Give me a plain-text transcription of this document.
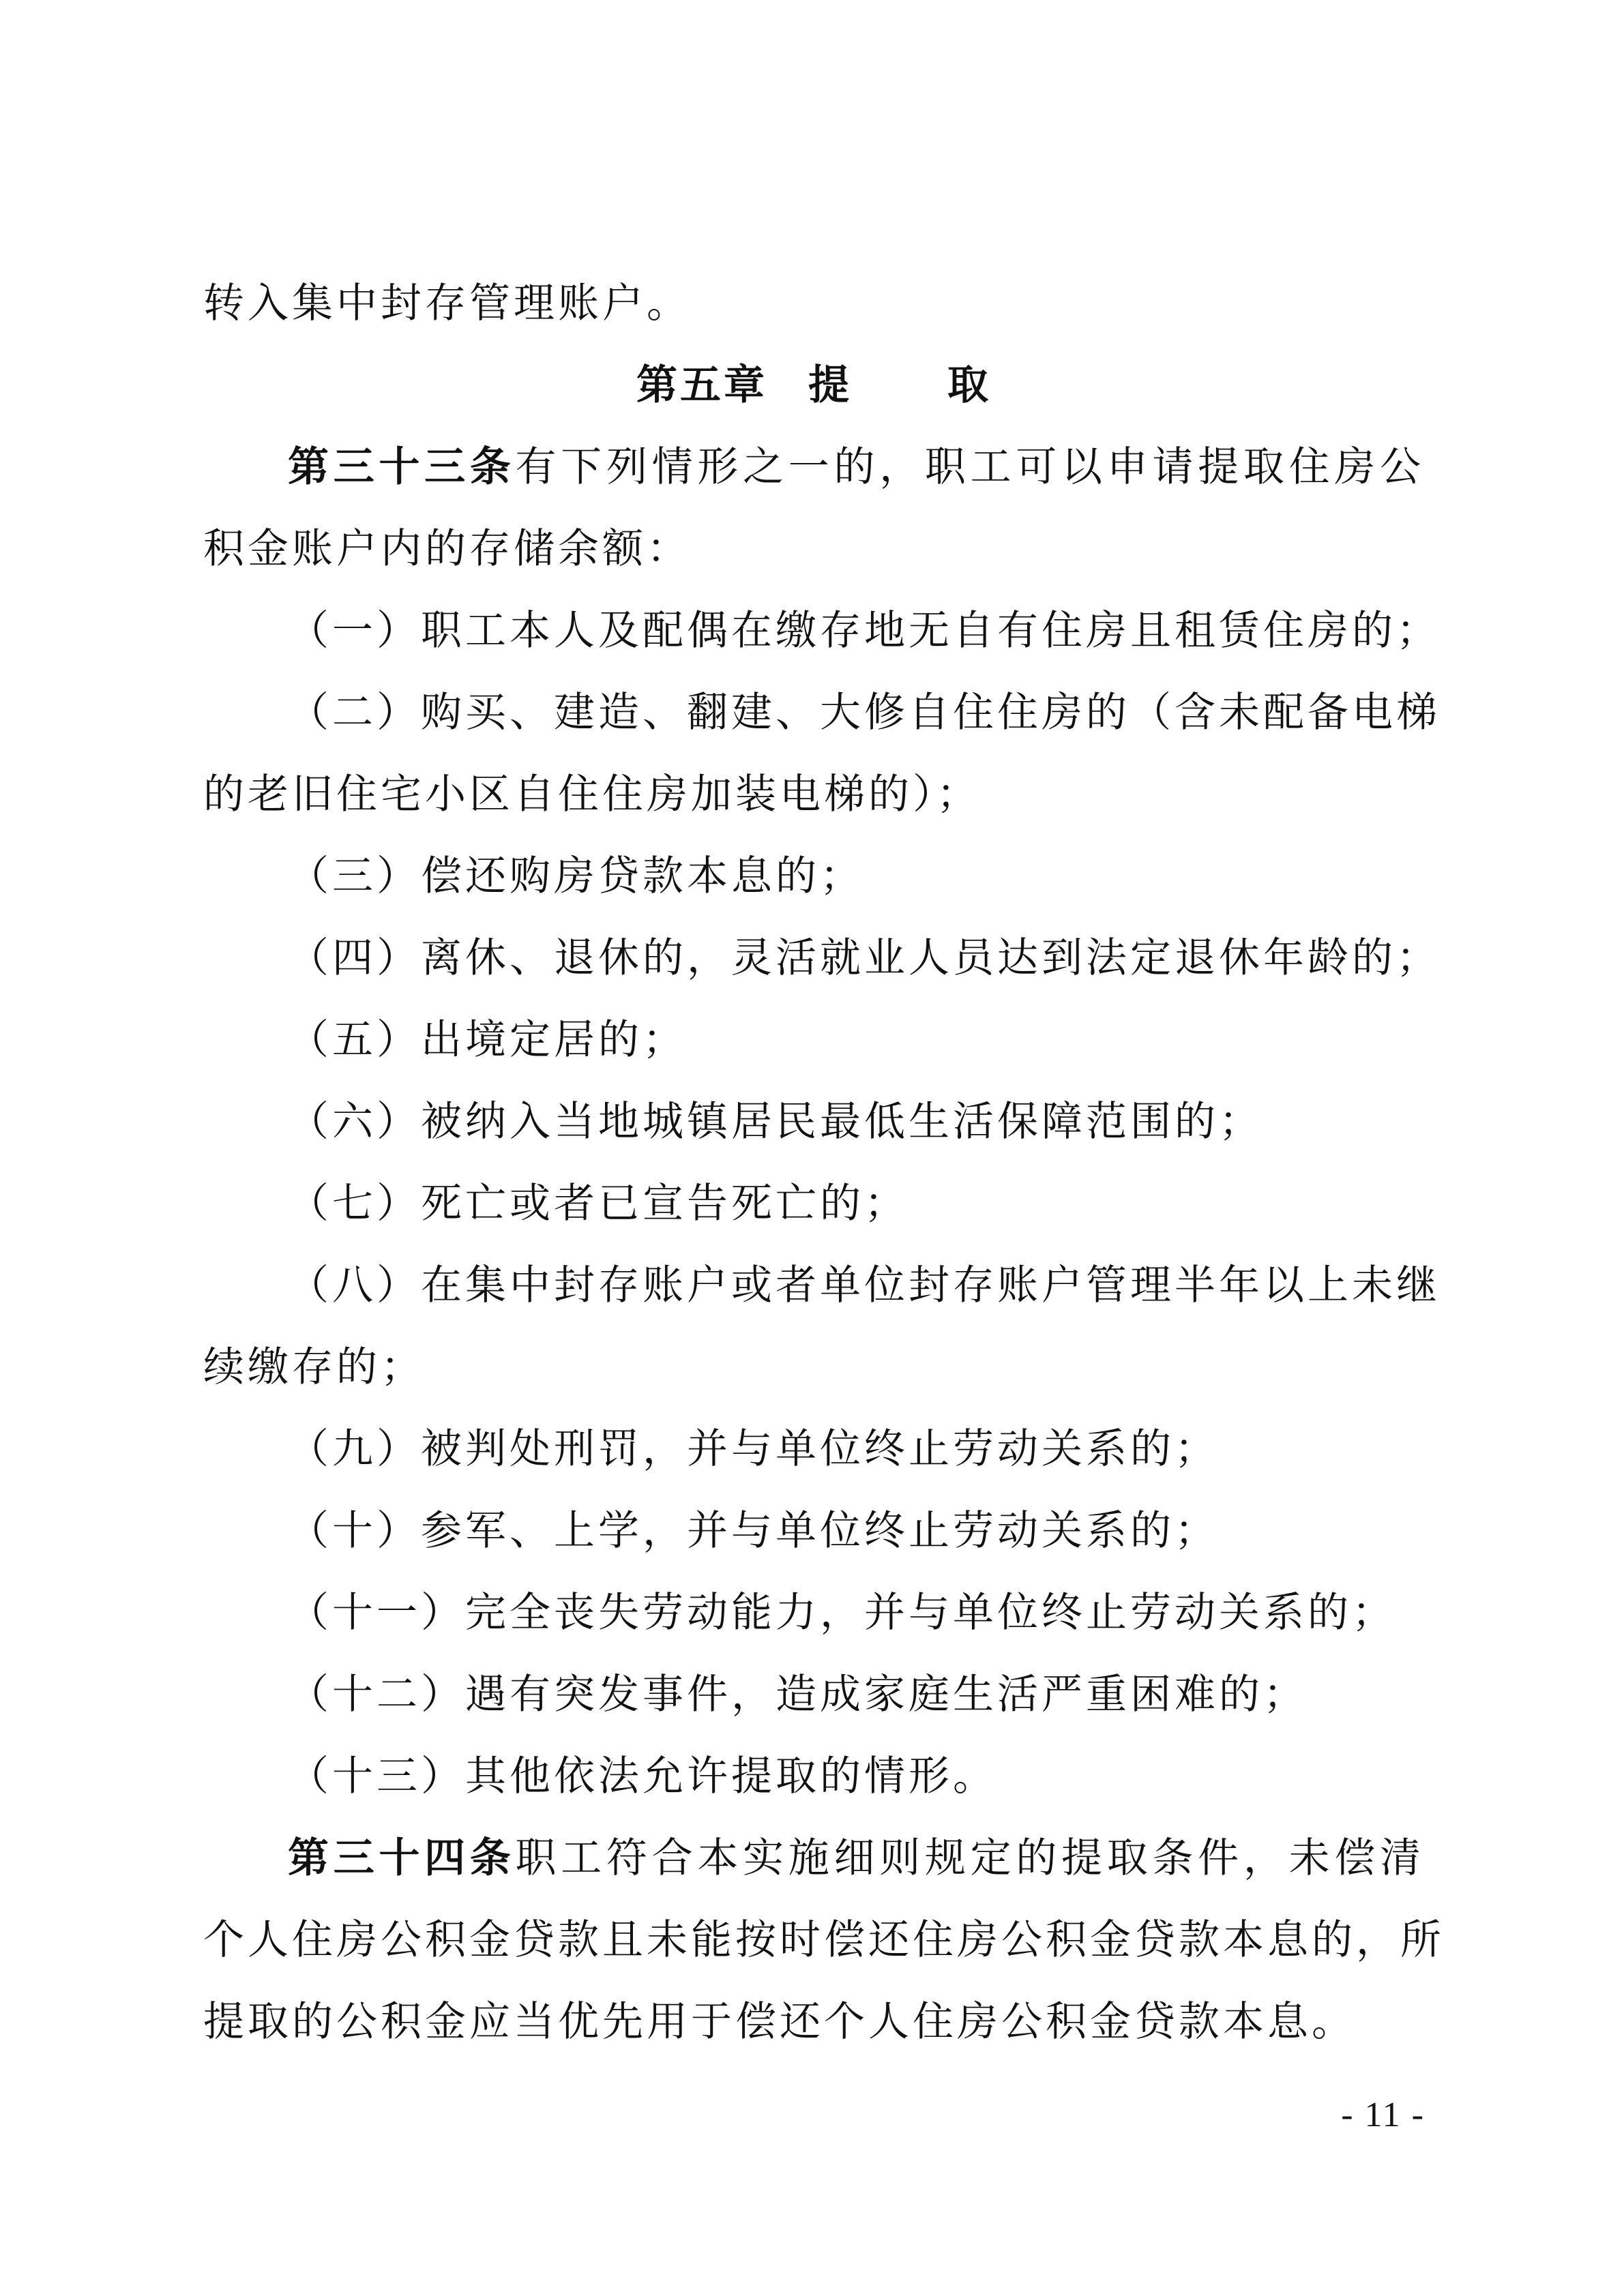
转入集中封存管理账户。
第五章 提 取
第三十三条有下列情形之一的，职工可以申请提取住房公
积金账户内的存储余额：
（一）职工本人及配偶在缴存地无自有住房且租赁住房的；
（二）购买、建造、翻建、大修自住住房的（含未配备电梯
的老旧住宅小区自住住房加装电梯的）；
（三）偿还购房贷款本息的；
（四）离休、退休的，灵活就业人员达到法定退休年龄的；
（五）出境定居的；
（六）被纳入当地城镇居民最低生活保障范围的；
（七）死亡或者已宣告死亡的；
（八）在集中封存账户或者单位封存账户管理半年以上未继
续缴存的；
（九）被判处刑罚，并与单位终止劳动关系的；
（十）参军、上学，并与单位终止劳动关系的；
（十一）完全丧失劳动能力，并与单位终止劳动关系的；
（十二）遇有突发事件，造成家庭生活严重困难的；
（十三）其他依法允许提取的情形。
第三十四条职工符合本实施细则规定的提取条件，未偿清
个人住房公积金贷款且未能按时偿还住房公积金贷款本息的，所
提取的公积金应当优先用于偿还个人住房公积金贷款本息。
- 11 -
